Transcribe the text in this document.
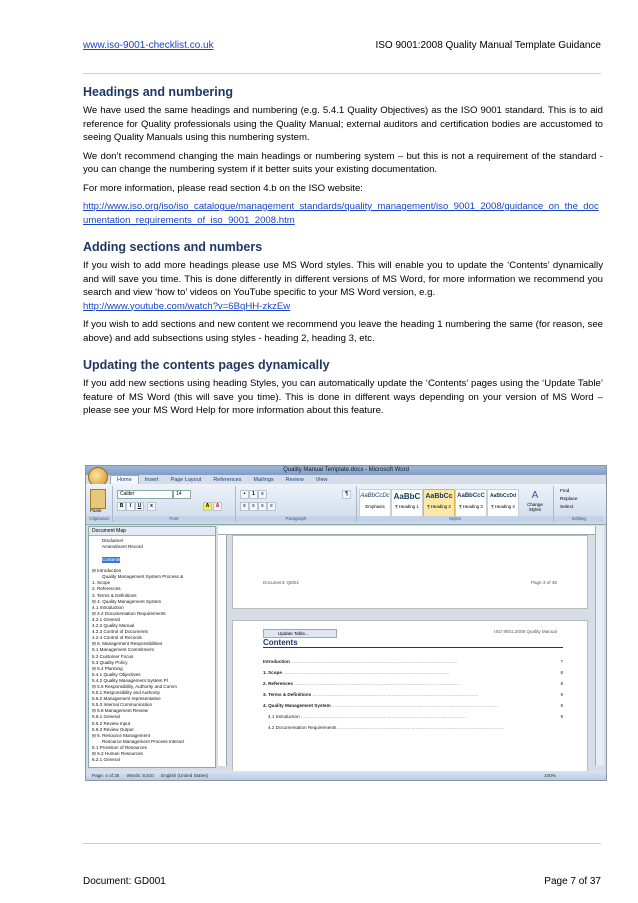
www.iso-9001-checklist.co.uk	ISO 9001:2008 Quality Manual Template Guidance
Headings and numbering

We have used the same headings and numbering (e.g. 5.4.1 Quality Objectives) as the ISO 9001 standard. This is to aid reference for Quality professionals using the Quality Manual; external auditors and certification bodies are accustomed to seeing Quality Manuals using this numbering system.

We don’t recommend changing the main headings or numbering system – but this is not a requirement of the standard - you can change the numbering system if it better suits your existing documentation.

For more information, please read section 4.b on the ISO website:

http://www.iso.org/iso/iso_catalogue/management_standards/quality_management/iso_9001_2008/guidance_on_the_documentation_requirements_of_iso_9001_2008.htm

Adding sections and numbers

If you wish to add more headings please use MS Word styles. This will enable you to update the ‘Contents’ dynamically and will save you time. This is done differently in different versions of MS Word, for more information we recommend you search and view ‘how to’ videos on YouTube specific to your MS Word version, e.g.

http://www.youtube.com/watch?v=6BqHH-zkzEw

If you wish to add sections and new content we recommend you leave the heading 1 numbering the same (for reason, see above) and add subsections using styles - heading 2, heading 3, etc.

Updating the contents pages dynamically

If you add new sections using heading Styles, you can automatically update the ‘Contents’ pages using the ‘Update Table’ feature of MS Word (this will save you time). This is done in different ways depending on your version of MS Word – please see your MS Word Help for more information about this feature.

Quality Manual Template.docx - Microsoft Word
Home Insert Page Layout References Mailings Review View
Paste
Clipboard
Calibri	14
B	I	U	x	A	A
Font
•	1	≡	¶
≡	≡	≡	≡
Paragraph
AaBbCcDc
Emphasis
AaBbC
¶ Heading 1
AaBbCc
¶ Heading 2
AaBbCcC
¶ Heading 3
AaBbCcDd
¶ Heading 4
A
Change Styles
Styles
Find
Replace
Select
Editing
Document Map
Disclaimer
Amendment Record
Contents
⊟ Introduction
Quality Management System Process &
1. Scope
2. References
3. Terms & Definitions
⊟ 4. Quality Management System
4.1 Introduction
⊟ 4.2 Documentation Requirements
4.2.1 General
4.2.2 Quality Manual
4.2.3 Control of Documents
4.2.4 Control of Records
⊟ 5. Management Responsibilities
5.1 Management Commitment
5.2 Customer Focus
5.3 Quality Policy
⊟ 5.4 Planning
5.4.1 Quality Objectives
5.4.2 Quality Management System Pl
⊟ 5.5 Responsibility, Authority and Comm
5.5.1 Responsibility and Authority
5.5.2 Management representative
5.5.3 Internal Communication
⊟ 5.6 Management Review
5.6.1 General
5.6.2 Review Input
5.6.3 Review Output
⊟ 6. Resource Management
Resource Management Process Interact
6.1 Provision of Resources
⊟ 6.2 Human Resources
6.2.1 General
Document: QM01	Page 3 of 35
ISO 9001:2008 Quality Manual
Update Table...
Contents
Introduction ..................................................................................................................................	7
1. Scope ..................................................................................................................................	8
2. References ..................................................................................................................................	8
3. Terms & Definitions ..................................................................................................................................	9
4. Quality Management System ..................................................................................................................................	9
4.1 Introduction ..................................................................................................................................	9
4.2 Documentation Requirements ..................................................................................................................................
Page: 4 of 35 Words: 8,810 English (United States)	100%
Document: GD001	Page 7 of 37
